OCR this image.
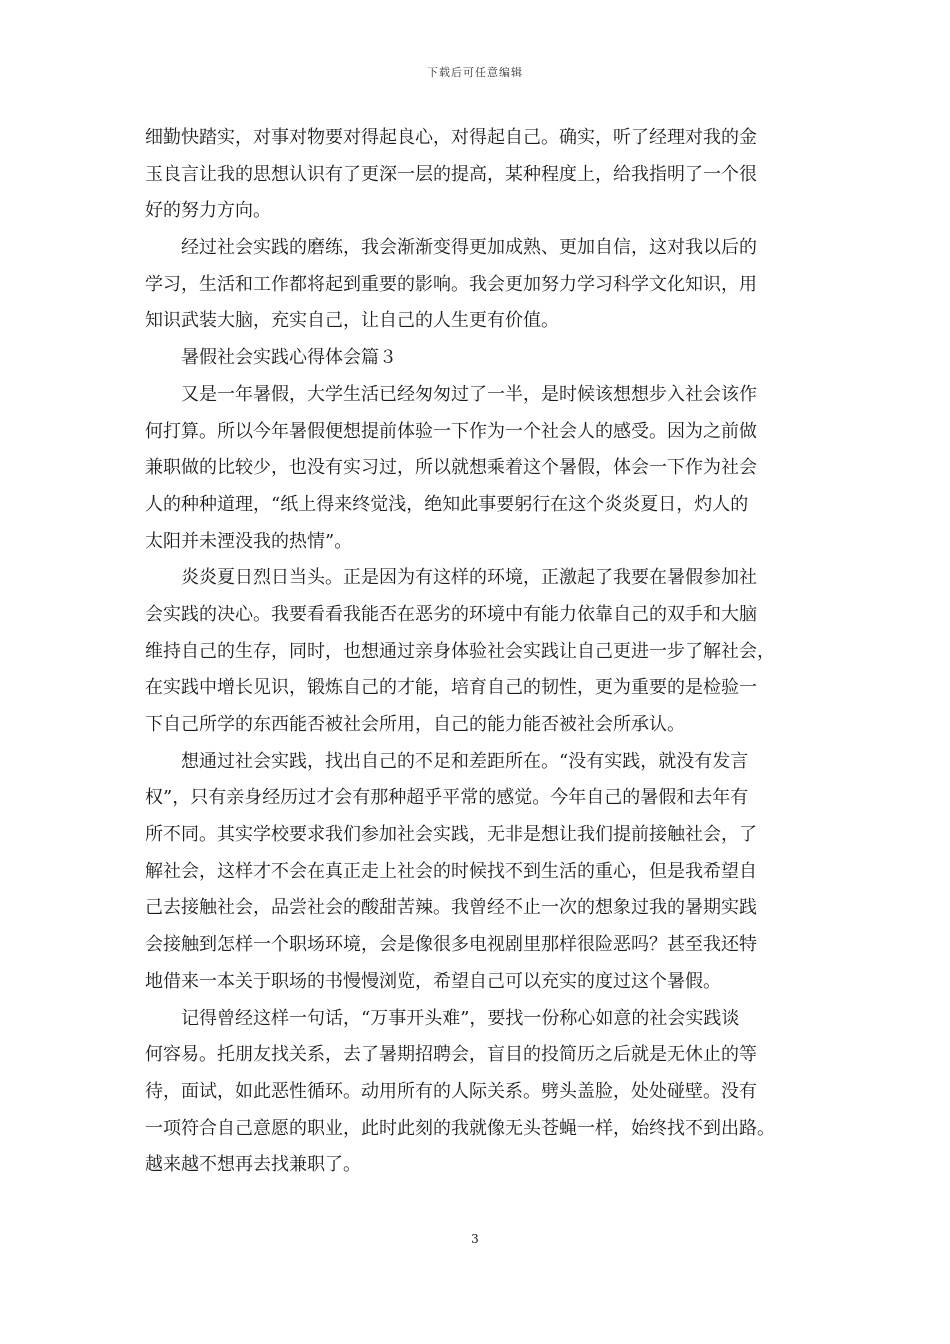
下载后可任意编辑
细勤快踏实，对事对物要对得起良心，对得起自己。确实，听了经理对我的金
玉良言让我的思想认识有了更深一层的提高，某种程度上，给我指明了一个很
好的努力方向。
　　经过社会实践的磨练，我会渐渐变得更加成熟、更加自信，这对我以后的
学习，生活和工作都将起到重要的影响。我会更加努力学习科学文化知识，用
知识武装大脑，充实自己，让自己的人生更有价值。
　　暑假社会实践心得体会篇３
　　又是一年暑假，大学生活已经匆匆过了一半，是时候该想想步入社会该作
何打算。所以今年暑假便想提前体验一下作为一个社会人的感受。因为之前做
兼职做的比较少，也没有实习过，所以就想乘着这个暑假，体会一下作为社会
人的种种道理，“纸上得来终觉浅，绝知此事要躬行在这个炎炎夏日，灼人的
太阳并未湮没我的热情”。
　　炎炎夏日烈日当头。正是因为有这样的环境，正激起了我要在暑假参加社
会实践的决心。我要看看我能否在恶劣的环境中有能力依靠自己的双手和大脑
维持自己的生存，同时，也想通过亲身体验社会实践让自己更进一步了解社会，
在实践中增长见识，锻炼自己的才能，培育自己的韧性，更为重要的是检验一
下自己所学的东西能否被社会所用，自己的能力能否被社会所承认。
　　想通过社会实践，找出自己的不足和差距所在。“没有实践，就没有发言
权”，只有亲身经历过才会有那种超乎平常的感觉。今年自己的暑假和去年有
所不同。其实学校要求我们参加社会实践，无非是想让我们提前接触社会，了
解社会，这样才不会在真正走上社会的时候找不到生活的重心，但是我希望自
己去接触社会，品尝社会的酸甜苦辣。我曾经不止一次的想象过我的暑期实践
会接触到怎样一个职场环境，会是像很多电视剧里那样很险恶吗？甚至我还特
地借来一本关于职场的书慢慢浏览，希望自己可以充实的度过这个暑假。
　　记得曾经这样一句话，“万事开头难”，要找一份称心如意的社会实践谈
何容易。托朋友找关系，去了暑期招聘会，盲目的投简历之后就是无休止的等
待，面试，如此恶性循环。动用所有的人际关系。劈头盖脸，处处碰壁。没有
一项符合自己意愿的职业，此时此刻的我就像无头苍蝇一样，始终找不到出路。
越来越不想再去找兼职了。
3
